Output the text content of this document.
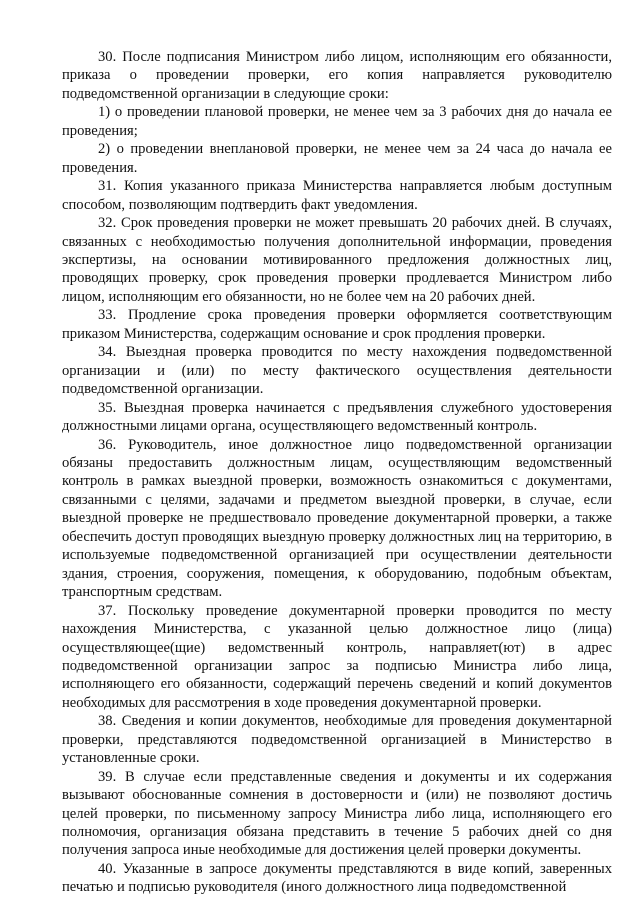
30. После подписания Министром либо лицом, исполняющим его обязанности, приказа о проведении проверки, его копия направляется руководителю подведомственной организации в следующие сроки:

1) о проведении плановой проверки, не менее чем за 3 рабочих дня до начала ее проведения;

2) о проведении внеплановой проверки, не менее чем за 24 часа до начала ее проведения.

31. Копия указанного приказа Министерства направляется любым доступным способом, позволяющим подтвердить факт уведомления.

32. Срок проведения проверки не может превышать 20 рабочих дней. В случаях, связанных с необходимостью получения дополнительной информации, проведения экспертизы, на основании мотивированного предложения должностных лиц, проводящих проверку, срок проведения проверки продлевается Министром либо лицом, исполняющим его обязанности, но не более чем на 20 рабочих дней.

33. Продление срока проведения проверки оформляется соответствующим приказом Министерства, содержащим основание и срок продления проверки.

34. Выездная проверка проводится по месту нахождения подведомственной организации и (или) по месту фактического осуществления деятельности подведомственной организации.

35. Выездная проверка начинается с предъявления служебного удостоверения должностными лицами органа, осуществляющего ведомственный контроль.

36. Руководитель, иное должностное лицо подведомственной организации обязаны предоставить должностным лицам, осуществляющим ведомственный контроль в рамках выездной проверки, возможность ознакомиться с документами, связанными с целями, задачами и предметом выездной проверки, в случае, если выездной проверке не предшествовало проведение документарной проверки, а также обеспечить доступ проводящих выездную проверку должностных лиц на территорию, в используемые подведомственной организацией при осуществлении деятельности здания, строения, сооружения, помещения, к оборудованию, подобным объектам, транспортным средствам.

37. Поскольку проведение документарной проверки проводится по месту нахождения Министерства, с указанной целью должностное лицо (лица) осуществляющее(щие) ведомственный контроль, направляет(ют) в адрес подведомственной организации запрос за подписью Министра либо лица, исполняющего его обязанности, содержащий перечень сведений и копий документов необходимых для рассмотрения в ходе проведения документарной проверки.

38. Сведения и копии документов, необходимые для проведения документарной проверки, представляются подведомственной организацией в Министерство в установленные сроки.

39. В случае если представленные сведения и документы и их содержания вызывают обоснованные сомнения в достоверности и (или) не позволяют достичь целей проверки, по письменному запросу Министра либо лица, исполняющего его полномочия, организация обязана представить в течение 5 рабочих дней со дня получения запроса иные необходимые для достижения целей проверки документы.

40. Указанные в запросе документы представляются в виде копий, заверенных печатью и подписью руководителя (иного должностного лица подведомственной
